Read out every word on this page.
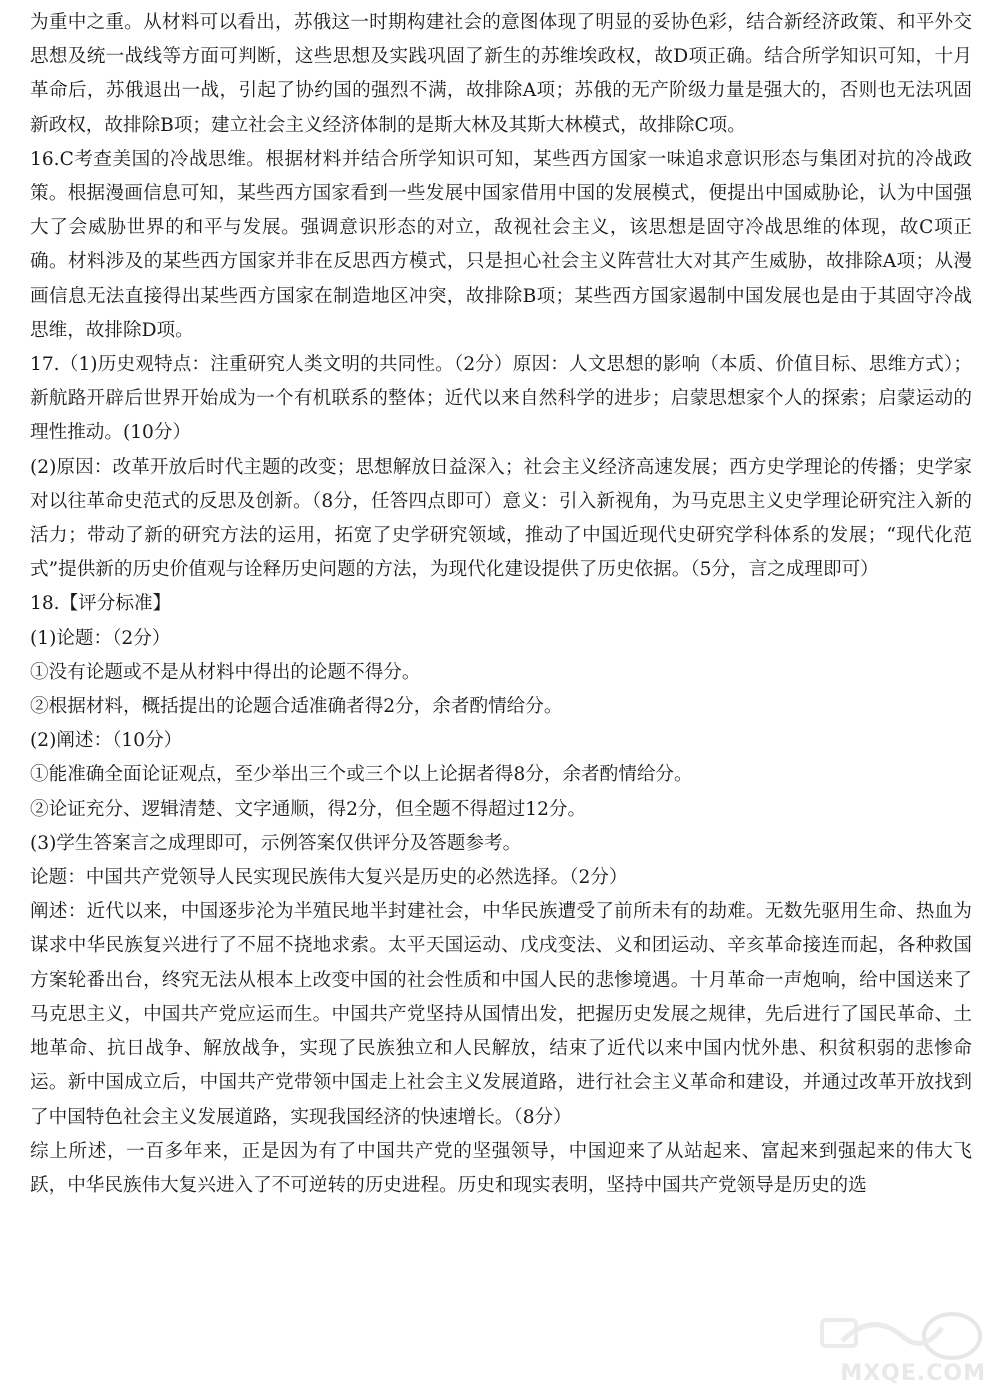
为重中之重。从材料可以看出，苏俄这一时期构建社会的意图体现了明显的妥协色彩，结合新经济政策、和平外交思想及统一战线等方面可判断，这些思想及实践巩固了新生的苏维埃政权，故D项正确。结合所学知识可知，十月革命后，苏俄退出一战，引起了协约国的强烈不满，故排除A项；苏俄的无产阶级力量是强大的，否则也无法巩固新政权，故排除B项；建立社会主义经济体制的是斯大林及其斯大林模式，故排除C项。

16.C考查美国的冷战思维。根据材料并结合所学知识可知，某些西方国家一味追求意识形态与集团对抗的冷战政策。根据漫画信息可知，某些西方国家看到一些发展中国家借用中国的发展模式，便提出中国威胁论，认为中国强大了会威胁世界的和平与发展。强调意识形态的对立，敌视社会主义，该思想是固守冷战思维的体现，故C项正确。材料涉及的某些西方国家并非在反思西方模式，只是担心社会主义阵营壮大对其产生威胁，故排除A项；从漫画信息无法直接得出某些西方国家在制造地区冲突，故排除B项；某些西方国家遏制中国发展也是由于其固守冷战思维，故排除D项。

17.（1)历史观特点：注重研究人类文明的共同性。（2分）原因：人文思想的影响（本质、价值目标、思维方式）；新航路开辟后世界开始成为一个有机联系的整体；近代以来自然科学的进步；启蒙思想家个人的探索；启蒙运动的理性推动。(10分）

(2)原因：改革开放后时代主题的改变；思想解放日益深入；社会主义经济高速发展；西方史学理论的传播；史学家对以往革命史范式的反思及创新。（8分，任答四点即可）意义：引入新视角，为马克思主义史学理论研究注入新的活力；带动了新的研究方法的运用，拓宽了史学研究领域，推动了中国近现代史研究学科体系的发展；“现代化范式”提供新的历史价值观与诠释历史问题的方法，为现代化建设提供了历史依据。（5分，言之成理即可）

18.【评分标准】

(1)论题：（2分）

①没有论题或不是从材料中得出的论题不得分。

②根据材料，概括提出的论题合适准确者得2分，余者酌情给分。

(2)阐述：（10分）

①能准确全面论证观点，至少举出三个或三个以上论据者得8分，余者酌情给分。

②论证充分、逻辑清楚、文字通顺，得2分，但全题不得超过12分。

(3)学生答案言之成理即可，示例答案仅供评分及答题参考。

论题：中国共产党领导人民实现民族伟大复兴是历史的必然选择。（2分）

阐述：近代以来，中国逐步沦为半殖民地半封建社会，中华民族遭受了前所未有的劫难。无数先驱用生命、热血为谋求中华民族复兴进行了不屈不挠地求索。太平天国运动、戊戌变法、义和团运动、辛亥革命接连而起，各种救国方案轮番出台，终究无法从根本上改变中国的社会性质和中国人民的悲惨境遇。十月革命一声炮响，给中国送来了马克思主义，中国共产党应运而生。中国共产党坚持从国情出发，把握历史发展之规律，先后进行了国民革命、土地革命、抗日战争、解放战争，实现了民族独立和人民解放，结束了近代以来中国内忧外患、积贫积弱的悲惨命运。新中国成立后，中国共产党带领中国走上社会主义发展道路，进行社会主义革命和建设，并通过改革开放找到了中国特色社会主义发展道路，实现我国经济的快速增长。（8分）

综上所述，一百多年来，正是因为有了中国共产党的坚强领导，中国迎来了从站起来、富起来到强起来的伟大飞跃，中华民族伟大复兴进入了不可逆转的历史进程。历史和现实表明，坚持中国共产党领导是历史的选

MXQE.COM
